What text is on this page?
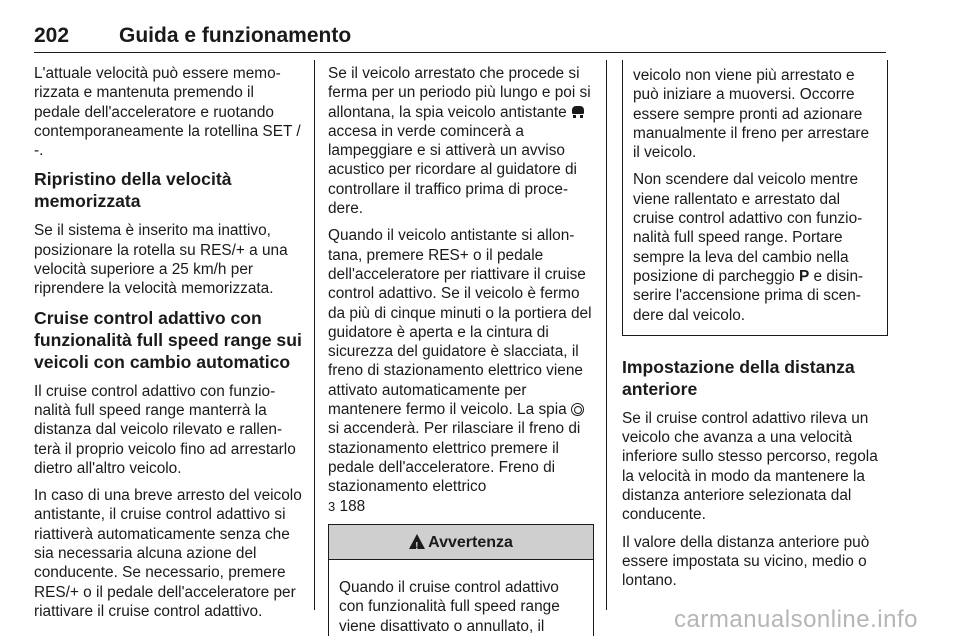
202 Guida e funzionamento

L'attuale velocità può essere memorizzata e mantenuta premendo il pedale dell'acceleratore e ruotando contemporaneamente la rotellina SET / -.

Ripristino della velocità memorizzata

Se il sistema è inserito ma inattivo, posizionare la rotella su RES/+ a una velocità superiore a 25 km/h per riprendere la velocità memorizzata.

Cruise control adattivo con funzionalità full speed range sui veicoli con cambio automatico

Il cruise control adattivo con funzionalità full speed range manterrà la distanza dal veicolo rilevato e rallenterà il proprio veicolo fino ad arrestarlo dietro all'altro veicolo.

In caso di una breve arresto del veicolo antistante, il cruise control adattivo si riattiverà automaticamente senza che sia necessaria alcuna azione del conducente. Se necessario, premere RES/+ o il pedale dell'acceleratore per riattivare il cruise control adattivo.

Se il veicolo arrestato che procede si ferma per un periodo più lungo e poi si allontana, la spia veicolo antistante  accesa in verde comincerà a lampeggiare e si attiverà un avviso acustico per ricordare al guidatore di controllare il traffico prima di procedere.

Quando il veicolo antistante si allontana, premere RES+ o il pedale dell'acceleratore per riattivare il cruise control adattivo. Se il veicolo è fermo da più di cinque minuti o la portiera del guidatore è aperta e la cintura di sicurezza del guidatore è slacciata, il freno di stazionamento elettrico viene attivato automaticamente per mantenere fermo il veicolo. La spia  si accenderà. Per rilasciare il freno di stazionamento elettrico premere il pedale dell'acceleratore. Freno di stazionamento elettrico
3 188

!Avvertenza
Quando il cruise control adattivo con funzionalità full speed range viene disattivato o annullato, il

veicolo non viene più arrestato e può iniziare a muoversi. Occorre essere sempre pronti ad azionare manualmente il freno per arrestare il veicolo.

Non scendere dal veicolo mentre viene rallentato e arrestato dal cruise control adattivo con funzionalità full speed range. Portare sempre la leva del cambio nella posizione di parcheggio P e disinserire l'accensione prima di scendere dal veicolo.

Impostazione della distanza anteriore

Se il cruise control adattivo rileva un veicolo che avanza a una velocità inferiore sullo stesso percorso, regola la velocità in modo da mantenere la distanza anteriore selezionata dal conducente.

Il valore della distanza anteriore può essere impostata su vicino, medio o lontano.

carmanualsonline.info
